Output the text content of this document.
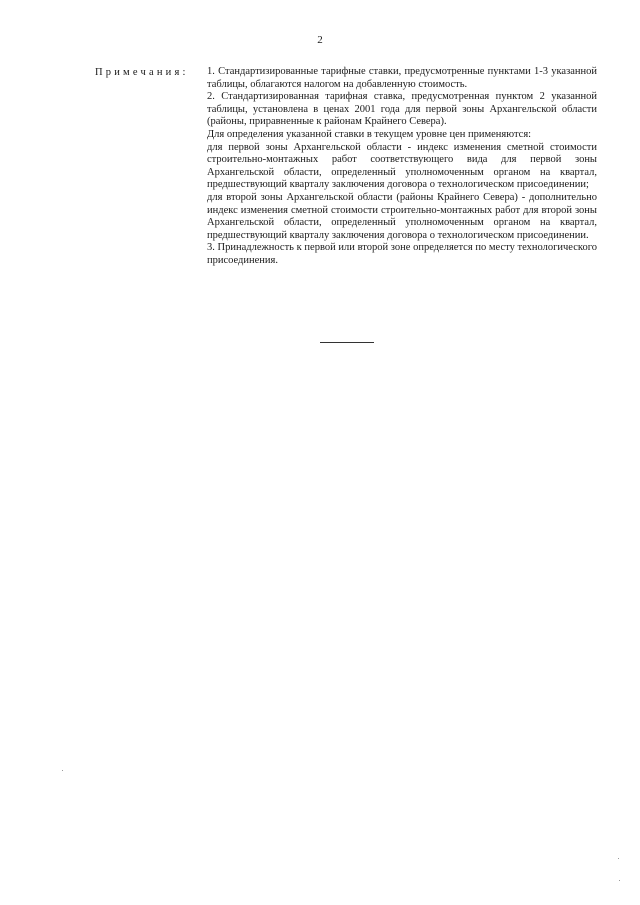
2
Примечания: 1. Стандартизированные тарифные ставки, предусмотренные пунктами 1-3 указанной таблицы, облагаются налогом на добавленную стоимость.

2. Стандартизированная тарифная ставка, предусмотренная пунктом 2 указанной таблицы, установлена в ценах 2001 года для первой зоны Архангельской области (районы, приравненные к районам Крайнего Севера).

Для определения указанной ставки в текущем уровне цен применяются:

для первой зоны Архангельской области - индекс изменения сметной стоимости строительно-монтажных работ соответствующего вида для первой зоны Архангельской области, определенный уполномоченным органом на квартал, предшествующий кварталу заключения договора о технологическом присоединении;

для второй зоны Архангельской области (районы Крайнего Севера) - дополнительно индекс изменения сметной стоимости строительно-монтажных работ для второй зоны Архангельской области, определенный уполномоченным органом на квартал, предшествующий кварталу заключения договора о технологическом присоединении.

3. Принадлежность к первой или второй зоне определяется по месту технологического присоединения.
